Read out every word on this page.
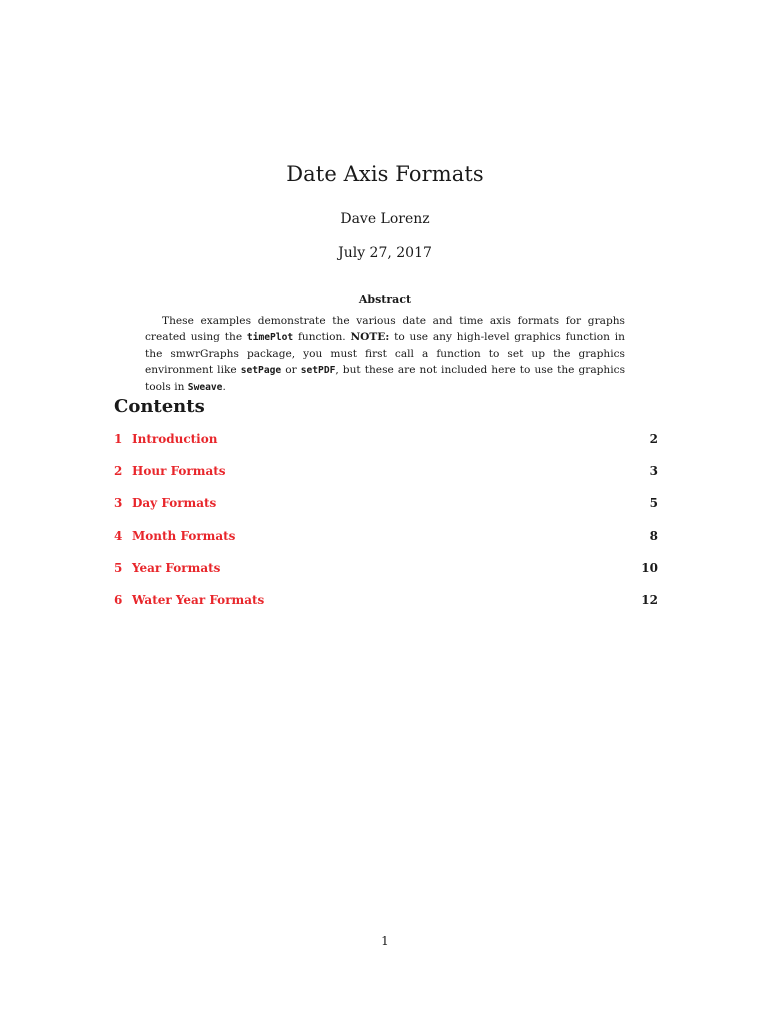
Date Axis Formats
Dave Lorenz
July 27, 2017
Abstract
These examples demonstrate the various date and time axis formats for graphs created using the timePlot function. NOTE: to use any high-level graphics function in the smwrGraphs package, you must first call a function to set up the graphics environment like setPage or setPDF, but these are not included here to use the graphics tools in Sweave.
Contents
1 Introduction	2
2 Hour Formats	3
3 Day Formats	5
4 Month Formats	8
5 Year Formats	10
6 Water Year Formats	12
1
